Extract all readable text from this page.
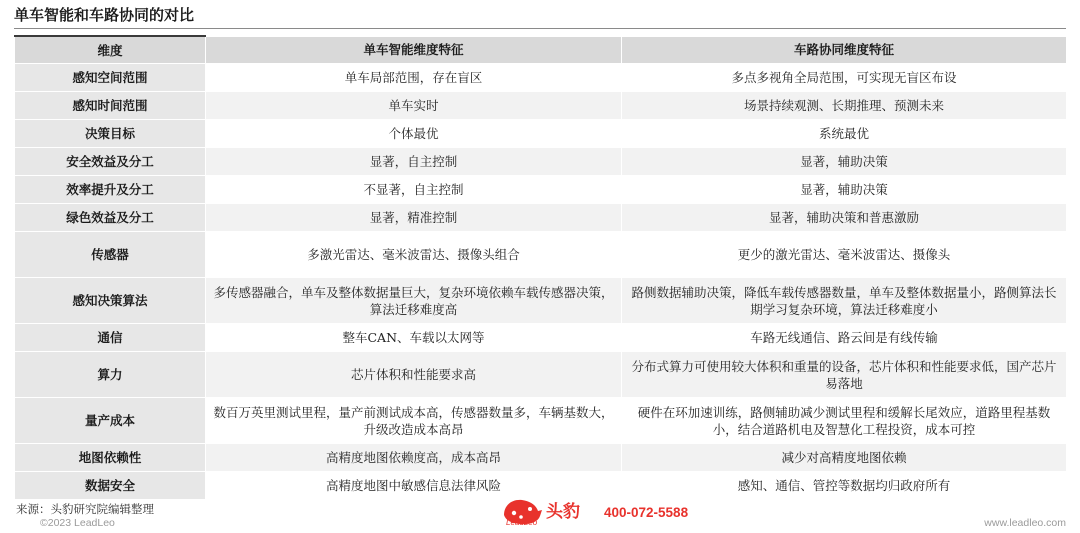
单车智能和车路协同的对比
维度	单车智能维度特征	车路协同维度特征
感知空间范围	单车局部范围，存在盲区	多点多视角全局范围，可实现无盲区布设
感知时间范围	单车实时	场景持续观测、长期推理、预测未来
决策目标	个体最优	系统最优
安全效益及分工	显著，自主控制	显著，辅助决策
效率提升及分工	不显著，自主控制	显著，辅助决策
绿色效益及分工	显著，精准控制	显著，辅助决策和普惠激励
传感器	多激光雷达、毫米波雷达、摄像头组合	更少的激光雷达、毫米波雷达、摄像头
感知决策算法	多传感器融合，单车及整体数据量巨大，复杂环境依赖车载传感器决策，算法迁移难度高	路侧数据辅助决策，降低车载传感器数量，单车及整体数据量小，路侧算法长期学习复杂环境，算法迁移难度小
通信	整车CAN、车载以太网等	车路无线通信、路云间是有线传输
算力	芯片体积和性能要求高	分布式算力可使用较大体积和重量的设备，芯片体积和性能要求低，国产芯片易落地
量产成本	数百万英里测试里程，量产前测试成本高，传感器数量多，车辆基数大，升级改造成本高昂	硬件在环加速训练，路侧辅助减少测试里程和缓解长尾效应，道路里程基数小，结合道路机电及智慧化工程投资，成本可控
地图依赖性	高精度地图依赖度高，成本高昂	减少对高精度地图依赖
数据安全	高精度地图中敏感信息法律风险	感知、通信、管控等数据均归政府所有
来源：头豹研究院编辑整理
©2023 LeadLeo
头豹
LeadLeo
400-072-5588
www.leadleo.com
